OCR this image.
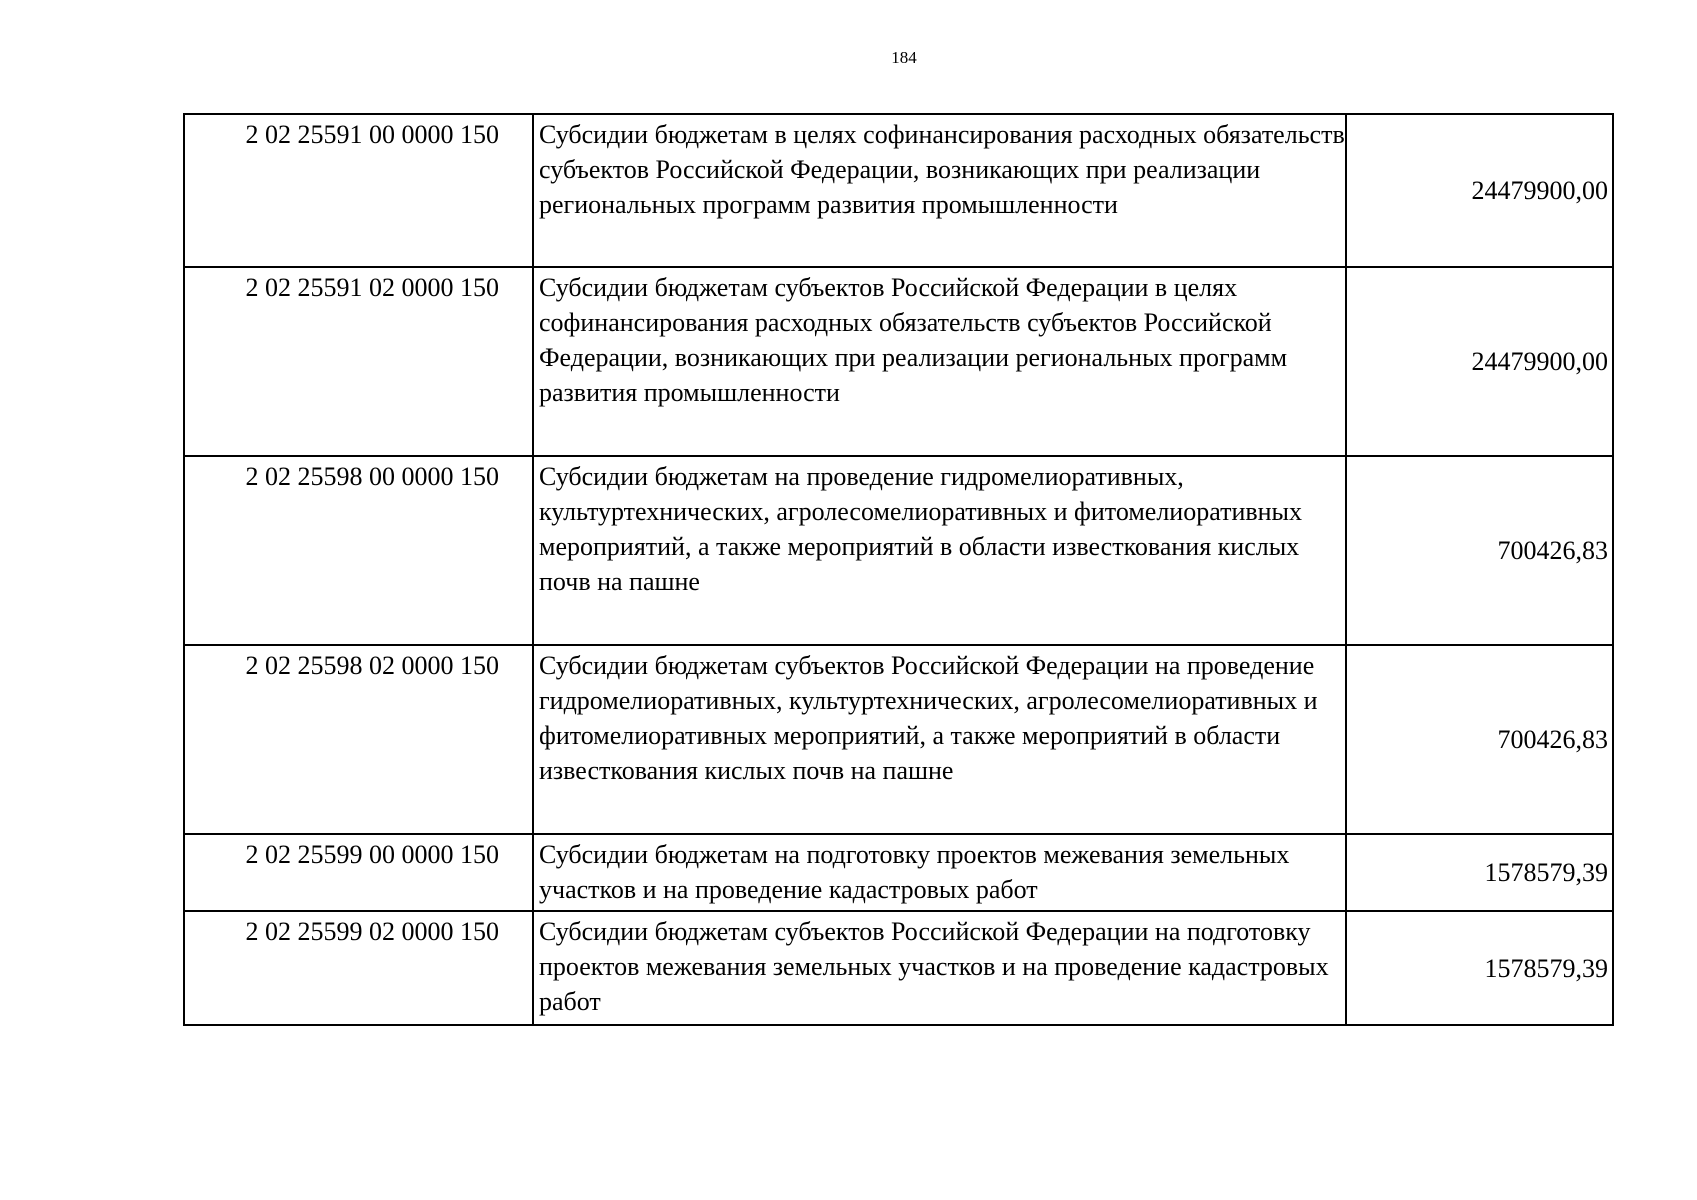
184
2 02 25591 00 0000 150	Субсидии бюджетам в целях софинансирования расходных обязательств субъектов Российской Федерации, возникающих при реализации региональных программ развития промышленности	24479900,00
2 02 25591 02 0000 150	Субсидии бюджетам субъектов Российской Федерации в целях софинансирования расходных обязательств субъектов Российской Федерации, возникающих при реализации региональных программ развития промышленности	24479900,00
2 02 25598 00 0000 150	Субсидии бюджетам на проведение гидромелиоративных, культуртехнических, агролесомелиоративных и фитомелиоративных мероприятий, а также мероприятий в области известкования кислых почв на пашне	700426,83
2 02 25598 02 0000 150	Субсидии бюджетам субъектов Российской Федерации на проведение гидромелиоративных, культуртехнических, агролесомелиоративных и фитомелиоративных мероприятий, а также мероприятий в области известкования кислых почв на пашне	700426,83
2 02 25599 00 0000 150	Субсидии бюджетам на подготовку проектов межевания земельных участков и на проведение кадастровых работ	1578579,39
2 02 25599 02 0000 150	Субсидии бюджетам субъектов Российской Федерации на подготовку проектов межевания земельных участков и на проведение кадастровых работ	1578579,39
